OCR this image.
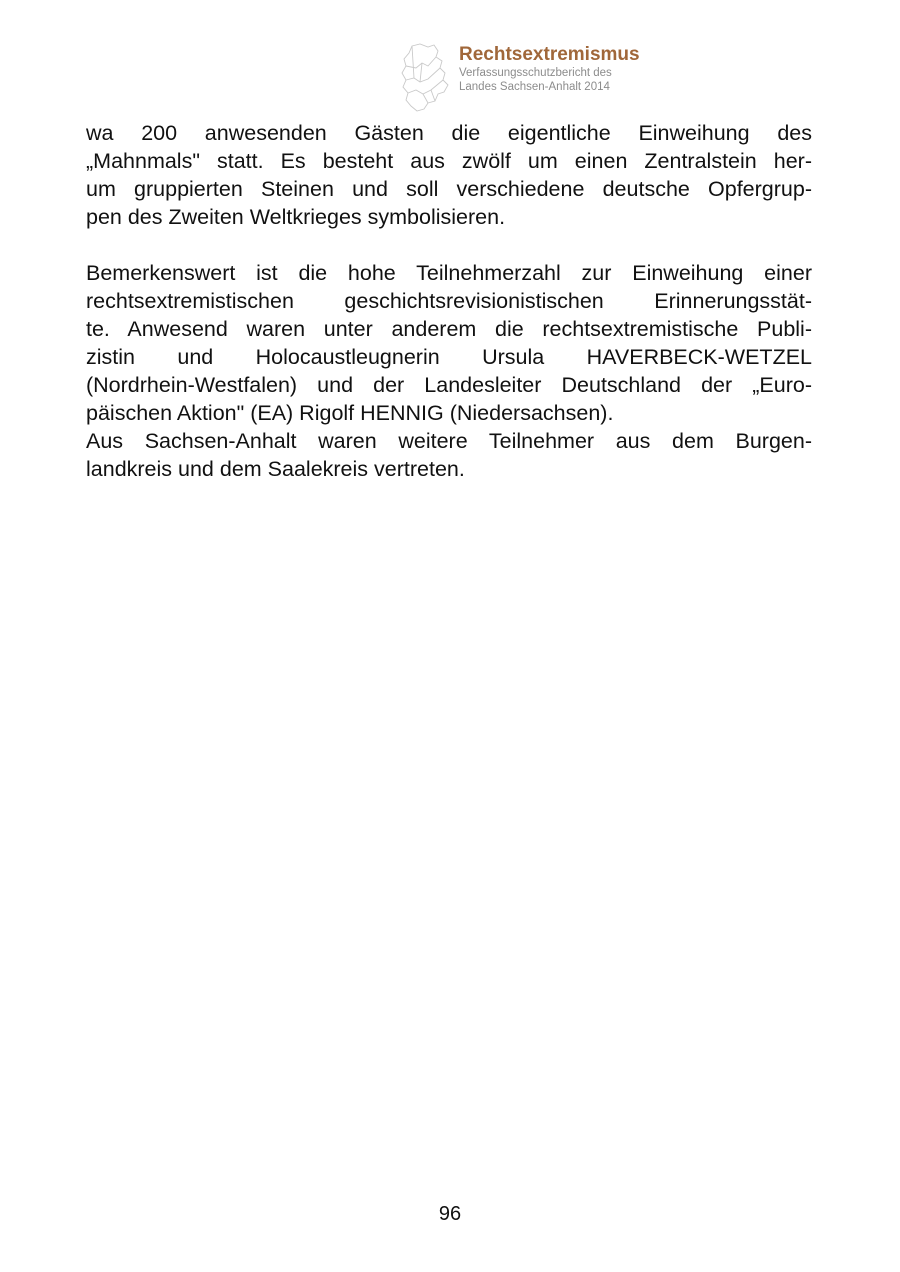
Rechtsextremismus
Verfassungsschutzbericht des
Landes Sachsen-Anhalt 2014
wa 200 anwesenden Gästen die eigentliche Einweihung des
„Mahnmals" statt. Es besteht aus zwölf um einen Zentralstein her-
um gruppierten Steinen und soll verschiedene deutsche Opfergrup-
pen des Zweiten Weltkrieges symbolisieren.
Bemerkenswert ist die hohe Teilnehmerzahl zur Einweihung einer
rechtsextremistischen geschichtsrevisionistischen Erinnerungsstät-
te. Anwesend waren unter anderem die rechtsextremistische Publi-
zistin und Holocaustleugnerin Ursula HAVERBECK-WETZEL
(Nordrhein-Westfalen) und der Landesleiter Deutschland der „Euro-
päischen Aktion" (EA) Rigolf HENNIG (Niedersachsen).
Aus Sachsen-Anhalt waren weitere Teilnehmer aus dem Burgen-
landkreis und dem Saalekreis vertreten.
96
